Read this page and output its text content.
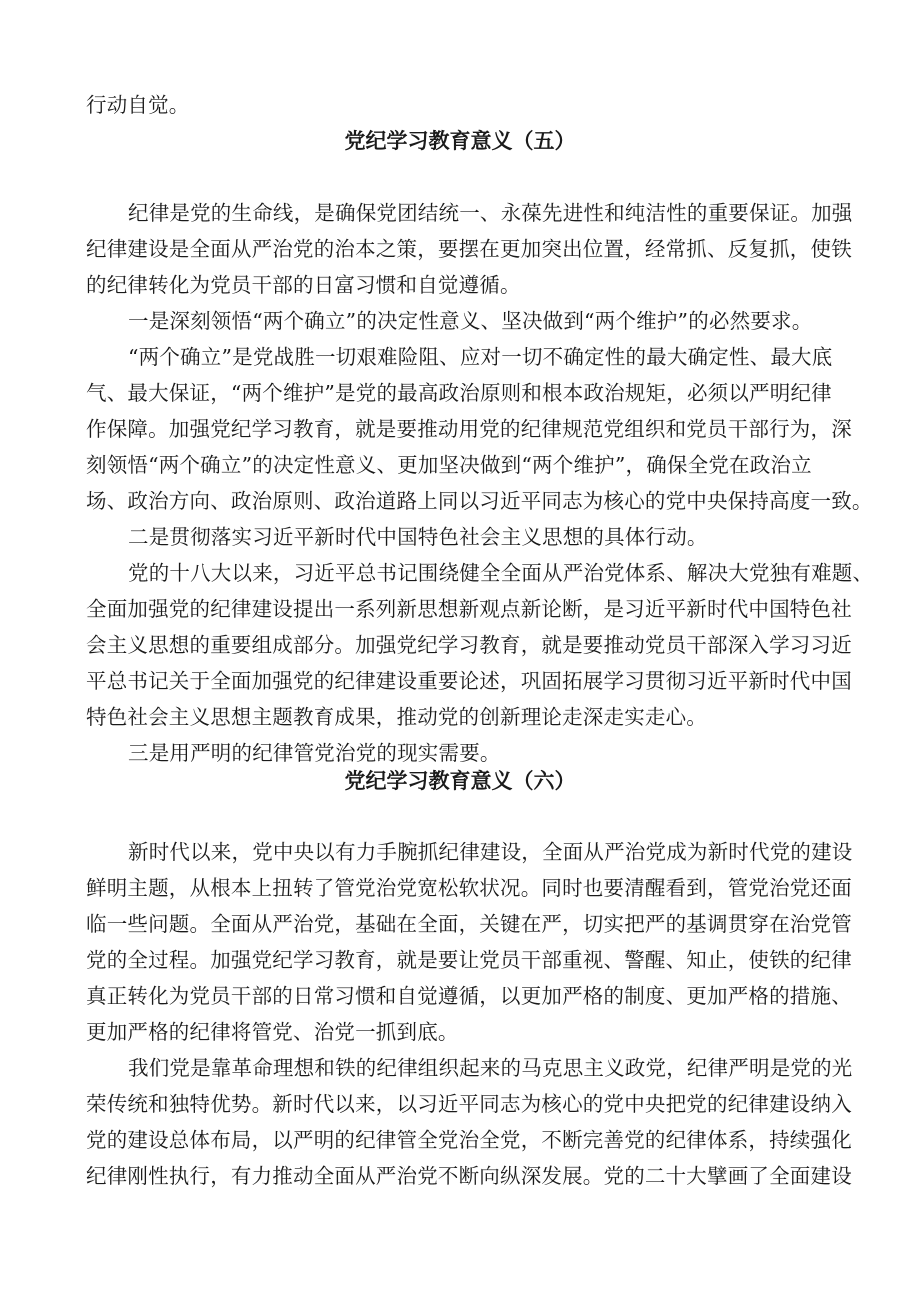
行动自觉。
党纪学习教育意义（五）
纪律是党的生命线，是确保党团结统一、永葆先进性和纯洁性的重要保证。加强
纪律建设是全面从严治党的治本之策，要摆在更加突出位置，经常抓、反复抓，使铁
的纪律转化为党员干部的日富习惯和自觉遵循。
一是深刻领悟“两个确立”的决定性意义、坚决做到“两个维护”的必然要求。
“两个确立”是党战胜一切艰难险阻、应对一切不确定性的最大确定性、最大底
气、最大保证，“两个维护”是党的最高政治原则和根本政治规矩，必须以严明纪律
作保障。加强党纪学习教育，就是要推动用党的纪律规范党组织和党员干部行为，深
刻领悟“两个确立”的决定性意义、更加坚决做到“两个维护”，确保全党在政治立
场、政治方向、政治原则、政治道路上同以习近平同志为核心的党中央保持高度一致。
二是贯彻落实习近平新时代中国特色社会主义思想的具体行动。
党的十八大以来，习近平总书记围绕健全全面从严治党体系、解决大党独有难题、
全面加强党的纪律建设提出一系列新思想新观点新论断，是习近平新时代中国特色社
会主义思想的重要组成部分。加强党纪学习教育，就是要推动党员干部深入学习习近
平总书记关于全面加强党的纪律建设重要论述，巩固拓展学习贯彻习近平新时代中国
特色社会主义思想主题教育成果，推动党的创新理论走深走实走心。
三是用严明的纪律管党治党的现实需要。
党纪学习教育意义（六）
新时代以来，党中央以有力手腕抓纪律建设，全面从严治党成为新时代党的建设
鲜明主题，从根本上扭转了管党治党宽松软状况。同时也要清醒看到，管党治党还面
临一些问题。全面从严治党，基础在全面，关键在严，切实把严的基调贯穿在治党管
党的全过程。加强党纪学习教育，就是要让党员干部重视、警醒、知止，使铁的纪律
真正转化为党员干部的日常习惯和自觉遵循，以更加严格的制度、更加严格的措施、
更加严格的纪律将管党、治党一抓到底。
我们党是靠革命理想和铁的纪律组织起来的马克思主义政党，纪律严明是党的光
荣传统和独特优势。新时代以来，以习近平同志为核心的党中央把党的纪律建设纳入
党的建设总体布局，以严明的纪律管全党治全党，不断完善党的纪律体系，持续强化
纪律刚性执行，有力推动全面从严治党不断向纵深发展。党的二十大擘画了全面建设
